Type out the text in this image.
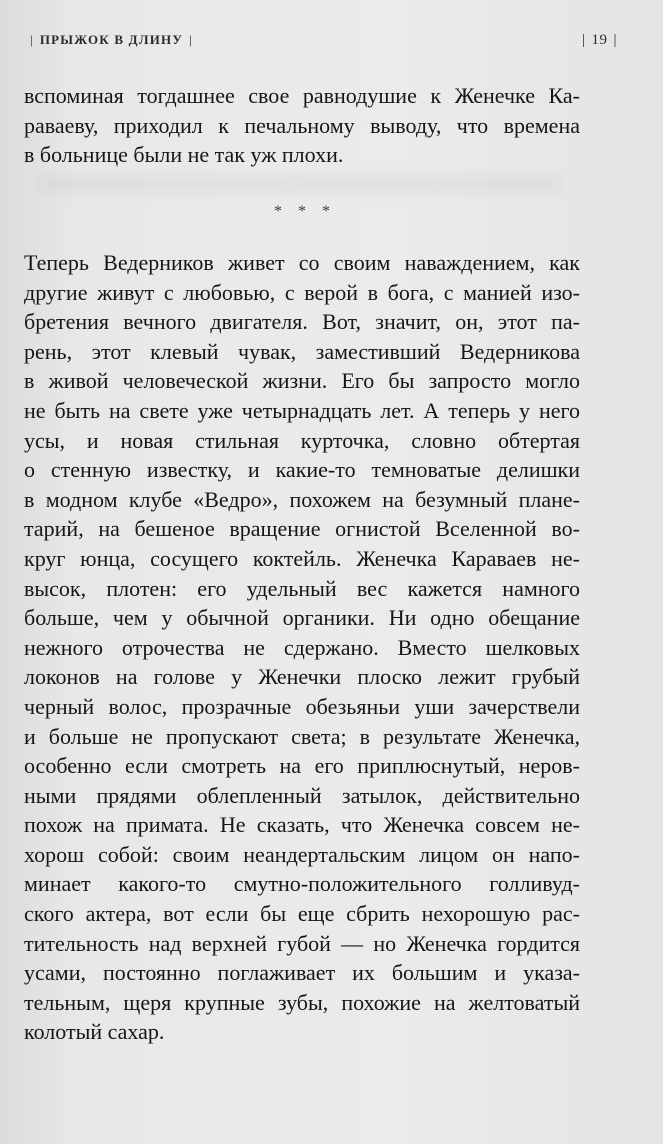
| ПРЫЖОК В ДЛИНУ |	| 19 |
вспоминая тогдашнее свое равнодушие к Женечке Ка-
раваеву, приходил к печальному выводу, что времена
в больнице были не так уж плохи.
* * *
Теперь Ведерников живет со своим наваждением, как
другие живут с любовью, с верой в бога, с манией изо-
бретения вечного двигателя. Вот, значит, он, этот па-
рень, этот клевый чувак, заместивший Ведерникова
в живой человеческой жизни. Его бы запросто могло
не быть на свете уже четырнадцать лет. А теперь у него
усы, и новая стильная курточка, словно обтертая
о стенную известку, и какие-то темноватые делишки
в модном клубе «Ведро», похожем на безумный плане-
тарий, на бешеное вращение огнистой Вселенной во-
круг юнца, сосущего коктейль. Женечка Караваев не-
высок, плотен: его удельный вес кажется намного
больше, чем у обычной органики. Ни одно обещание
нежного отрочества не сдержано. Вместо шелковых
локонов на голове у Женечки плоско лежит грубый
черный волос, прозрачные обезьяньи уши зачерствели
и больше не пропускают света; в результате Женечка,
особенно если смотреть на его приплюснутый, неров-
ными прядями облепленный затылок, действительно
похож на примата. Не сказать, что Женечка совсем не-
хорош собой: своим неандертальским лицом он напо-
минает какого-то смутно-положительного голливуд-
ского актера, вот если бы еще сбрить нехорошую рас-
тительность над верхней губой — но Женечка гордится
усами, постоянно поглаживает их большим и указа-
тельным, щеря крупные зубы, похожие на желтоватый
колотый сахар.
